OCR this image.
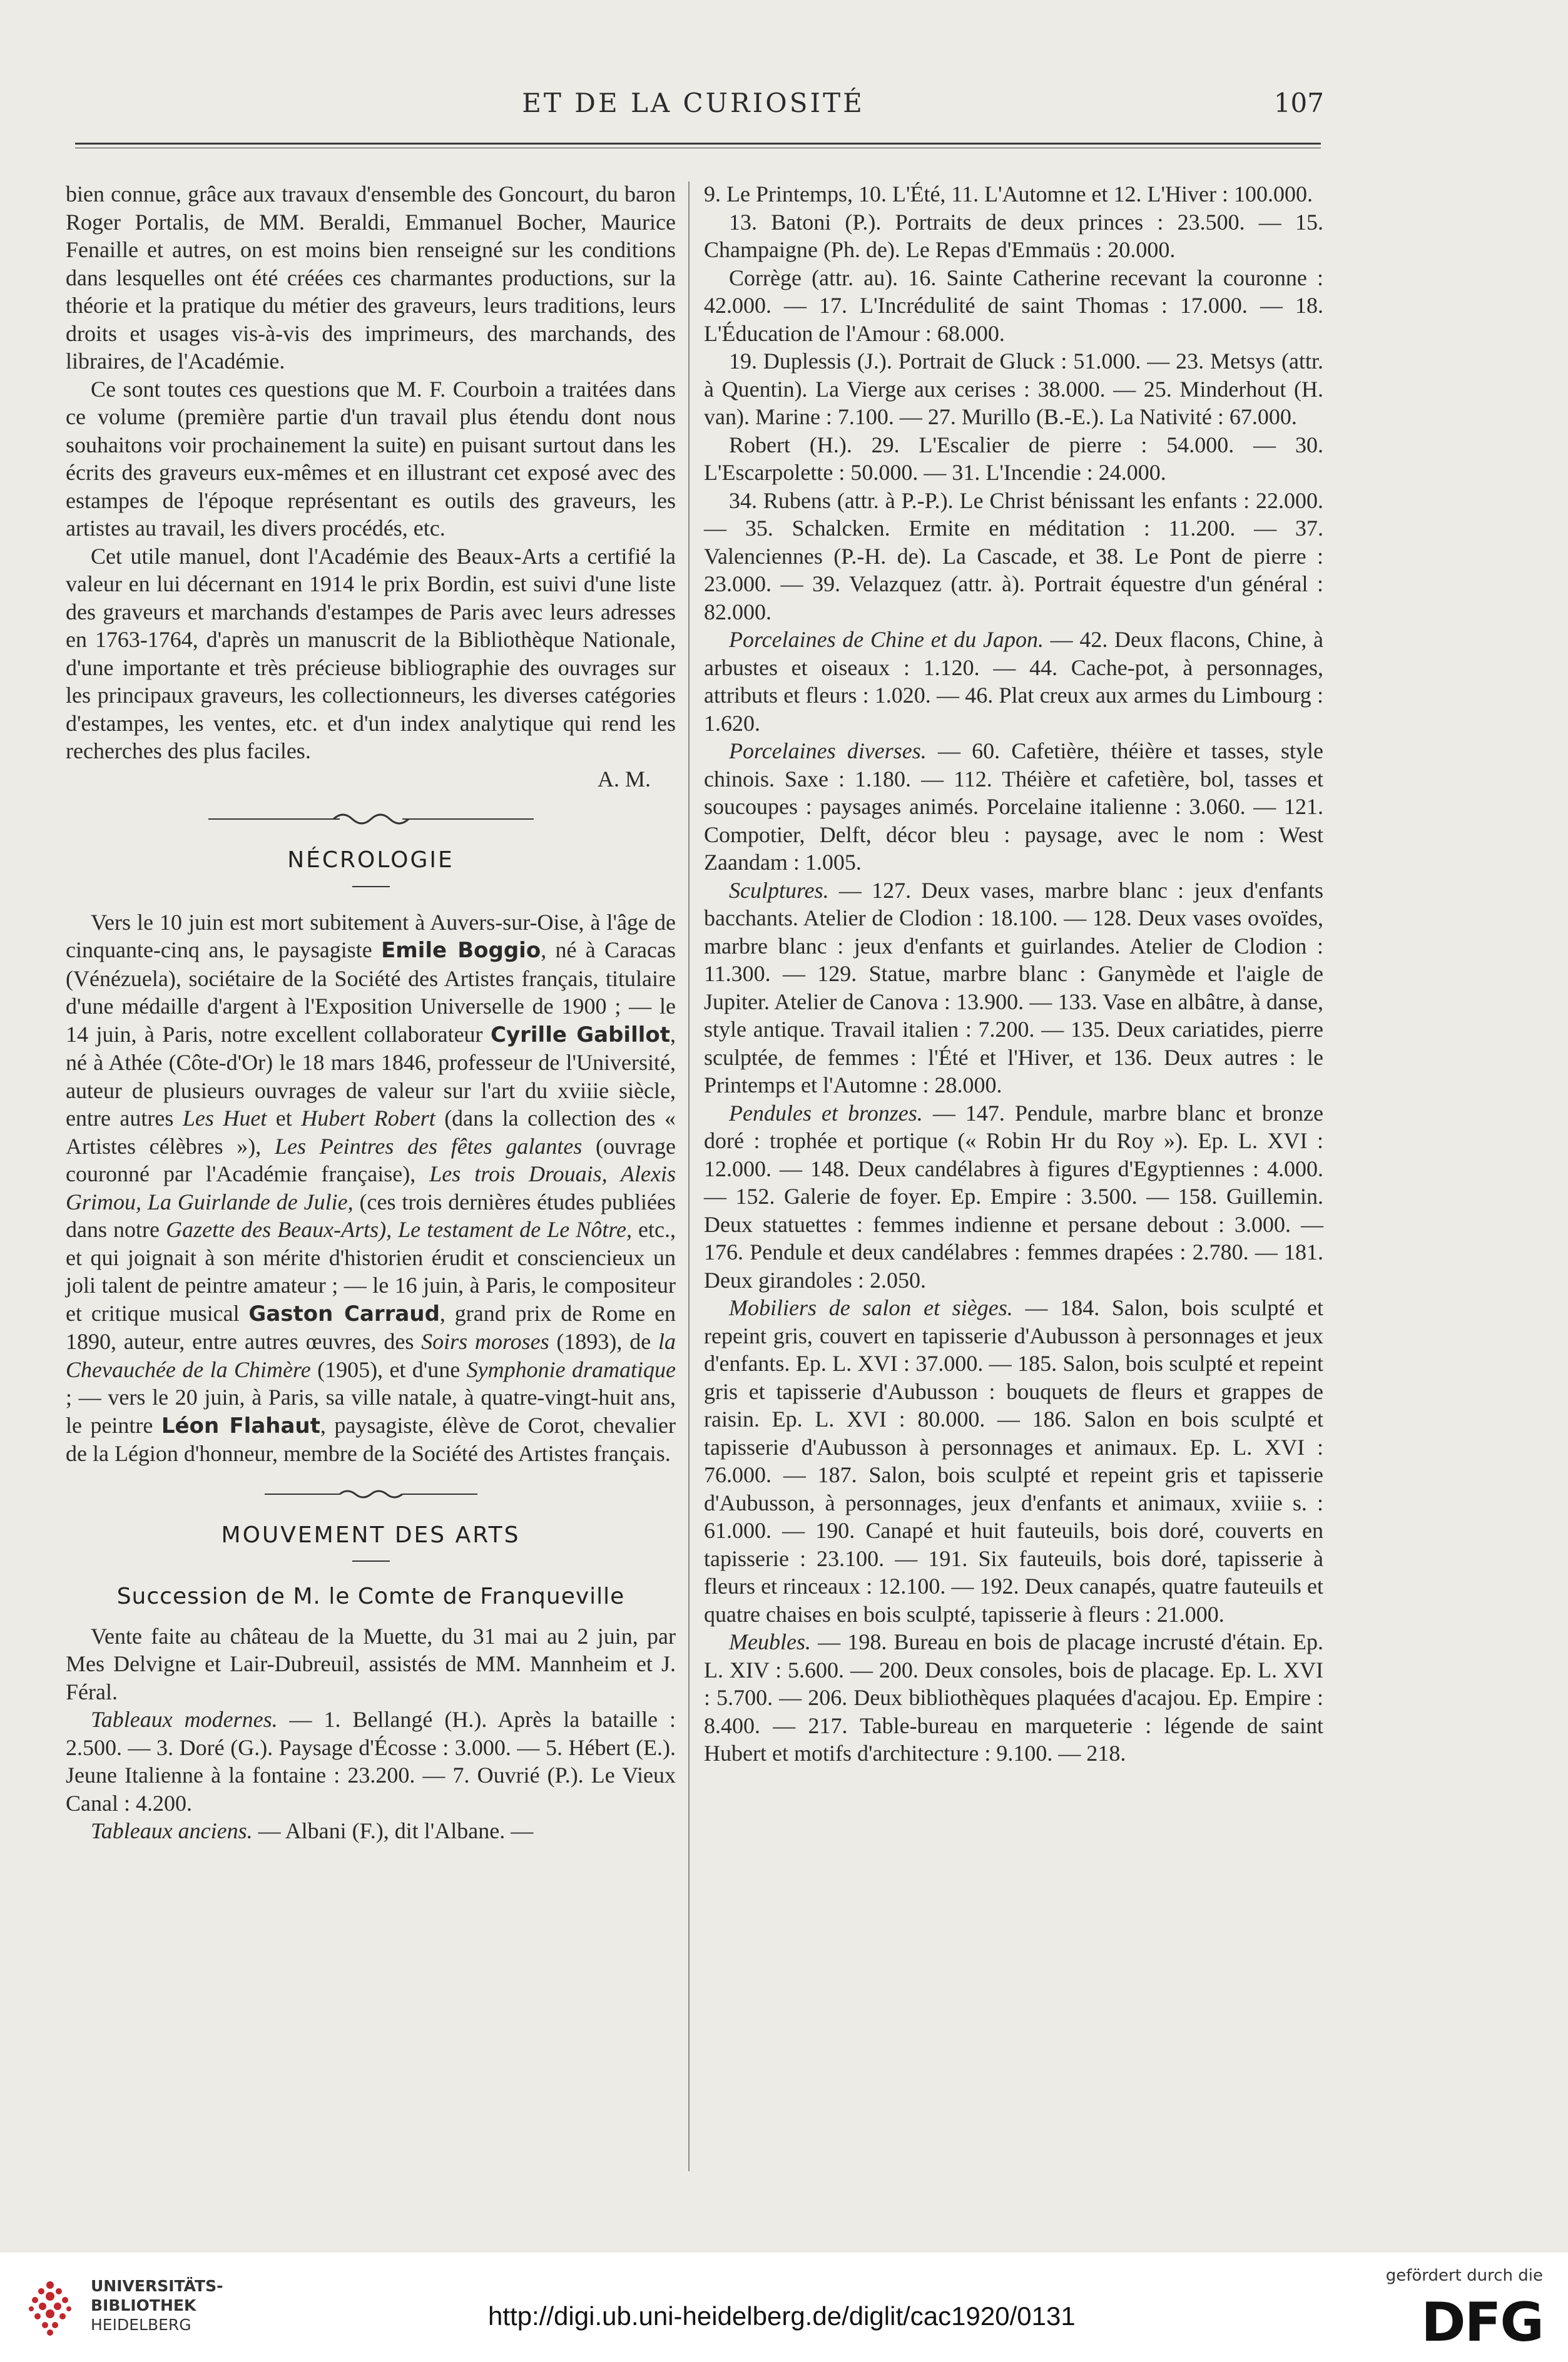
ET DE LA CURIOSITÉ	107

bien connue, grâce aux travaux d'ensemble des Goncourt, du baron Roger Portalis, de MM. Beraldi, Emmanuel Bocher, Maurice Fenaille et autres, on est moins bien renseigné sur les conditions dans lesquelles ont été créées ces charmantes productions, sur la théorie et la pratique du métier des graveurs, leurs traditions, leurs droits et usages vis-à-vis des imprimeurs, des marchands, des libraires, de l'Académie.

Ce sont toutes ces questions que M. F. Courboin a traitées dans ce volume (première partie d'un travail plus étendu dont nous souhaitons voir prochainement la suite) en puisant surtout dans les écrits des graveurs eux-mêmes et en illustrant cet exposé avec des estampes de l'époque représentant es outils des graveurs, les artistes au travail, les divers procédés, etc.

Cet utile manuel, dont l'Académie des Beaux-Arts a certifié la valeur en lui décernant en 1914 le prix Bordin, est suivi d'une liste des graveurs et marchands d'estampes de Paris avec leurs adresses en 1763-1764, d'après un manuscrit de la Bibliothèque Nationale, d'une importante et très précieuse bibliographie des ouvrages sur les principaux graveurs, les collectionneurs, les diverses catégories d'estampes, les ventes, etc. et d'un index analytique qui rend les recherches des plus faciles.

A. M.
NÉCROLOGIE

Vers le 10 juin est mort subitement à Auvers-sur-Oise, à l'âge de cinquante-cinq ans, le paysagiste Emile Boggio, né à Caracas (Vénézuela), sociétaire de la Société des Artistes français, titulaire d'une médaille d'argent à l'Exposition Universelle de 1900 ; — le 14 juin, à Paris, notre excellent collaborateur Cyrille Gabillot, né à Athée (Côte-d'Or) le 18 mars 1846, professeur de l'Université, auteur de plusieurs ouvrages de valeur sur l'art du xviiie siècle, entre autres Les Huet et Hubert Robert (dans la collection des « Artistes célèbres »), Les Peintres des fêtes galantes (ouvrage couronné par l'Académie française), Les trois Drouais, Alexis Grimou, La Guirlande de Julie, (ces trois dernières études publiées dans notre Gazette des Beaux-Arts), Le testament de Le Nôtre, etc., et qui joignait à son mérite d'historien érudit et consciencieux un joli talent de peintre amateur ; — le 16 juin, à Paris, le compositeur et critique musical Gaston Carraud, grand prix de Rome en 1890, auteur, entre autres œuvres, des Soirs moroses (1893), de la Chevauchée de la Chimère (1905), et d'une Symphonie dramatique ; — vers le 20 juin, à Paris, sa ville natale, à quatre-vingt-huit ans, le peintre Léon Flahaut, paysagiste, élève de Corot, chevalier de la Légion d'honneur, membre de la Société des Artistes français.

MOUVEMENT DES ARTS
Succession de M. le Comte de Franqueville

Vente faite au château de la Muette, du 31 mai au 2 juin, par Mes Delvigne et Lair-Dubreuil, assistés de MM. Mannheim et J. Féral.

Tableaux modernes. — 1. Bellangé (H.). Après la bataille : 2.500. — 3. Doré (G.). Paysage d'Écosse : 3.000. — 5. Hébert (E.). Jeune Italienne à la fontaine : 23.200. — 7. Ouvrié (P.). Le Vieux Canal : 4.200.

Tableaux anciens. — Albani (F.), dit l'Albane. —

9. Le Printemps, 10. L'Été, 11. L'Automne et 12. L'Hiver : 100.000.

13. Batoni (P.). Portraits de deux princes : 23.500. — 15. Champaigne (Ph. de). Le Repas d'Emmaüs : 20.000.

Corrège (attr. au). 16. Sainte Catherine recevant la couronne : 42.000. — 17. L'Incrédulité de saint Thomas : 17.000. — 18. L'Éducation de l'Amour : 68.000.

19. Duplessis (J.). Portrait de Gluck : 51.000. — 23. Metsys (attr. à Quentin). La Vierge aux cerises : 38.000. — 25. Minderhout (H. van). Marine : 7.100. — 27. Murillo (B.-E.). La Nativité : 67.000.

Robert (H.). 29. L'Escalier de pierre : 54.000. — 30. L'Escarpolette : 50.000. — 31. L'Incendie : 24.000.

34. Rubens (attr. à P.-P.). Le Christ bénissant les enfants : 22.000. — 35. Schalcken. Ermite en méditation : 11.200. — 37. Valenciennes (P.-H. de). La Cascade, et 38. Le Pont de pierre : 23.000. — 39. Velazquez (attr. à). Portrait équestre d'un général : 82.000.

Porcelaines de Chine et du Japon. — 42. Deux flacons, Chine, à arbustes et oiseaux : 1.120. — 44. Cache-pot, à personnages, attributs et fleurs : 1.020. — 46. Plat creux aux armes du Limbourg : 1.620.

Porcelaines diverses. — 60. Cafetière, théière et tasses, style chinois. Saxe : 1.180. — 112. Théière et cafetière, bol, tasses et soucoupes : paysages animés. Porcelaine italienne : 3.060. — 121. Compotier, Delft, décor bleu : paysage, avec le nom : West Zaandam : 1.005.

Sculptures. — 127. Deux vases, marbre blanc : jeux d'enfants bacchants. Atelier de Clodion : 18.100. — 128. Deux vases ovoïdes, marbre blanc : jeux d'enfants et guirlandes. Atelier de Clodion : 11.300. — 129. Statue, marbre blanc : Ganymède et l'aigle de Jupiter. Atelier de Canova : 13.900. — 133. Vase en albâtre, à danse, style antique. Travail italien : 7.200. — 135. Deux cariatides, pierre sculptée, de femmes : l'Été et l'Hiver, et 136. Deux autres : le Printemps et l'Automne : 28.000.

Pendules et bronzes. — 147. Pendule, marbre blanc et bronze doré : trophée et portique (« Robin Hr du Roy »). Ep. L. XVI : 12.000. — 148. Deux candélabres à figures d'Egyptiennes : 4.000. — 152. Galerie de foyer. Ep. Empire : 3.500. — 158. Guillemin. Deux statuettes : femmes indienne et persane debout : 3.000. — 176. Pendule et deux candélabres : femmes drapées : 2.780. — 181. Deux girandoles : 2.050.

Mobiliers de salon et sièges. — 184. Salon, bois sculpté et repeint gris, couvert en tapisserie d'Aubusson à personnages et jeux d'enfants. Ep. L. XVI : 37.000. — 185. Salon, bois sculpté et repeint gris et tapisserie d'Aubusson : bouquets de fleurs et grappes de raisin. Ep. L. XVI : 80.000. — 186. Salon en bois sculpté et tapisserie d'Aubusson à personnages et animaux. Ep. L. XVI : 76.000. — 187. Salon, bois sculpté et repeint gris et tapisserie d'Aubusson, à personnages, jeux d'enfants et animaux, xviiie s. : 61.000. — 190. Canapé et huit fauteuils, bois doré, couverts en tapisserie : 23.100. — 191. Six fauteuils, bois doré, tapisserie à fleurs et rinceaux : 12.100. — 192. Deux canapés, quatre fauteuils et quatre chaises en bois sculpté, tapisserie à fleurs : 21.000.

Meubles. — 198. Bureau en bois de placage incrusté d'étain. Ep. L. XIV : 5.600. — 200. Deux consoles, bois de placage. Ep. L. XVI : 5.700. — 206. Deux bibliothèques plaquées d'acajou. Ep. Empire : 8.400. — 217. Table-bureau en marqueterie : légende de saint Hubert et motifs d'architecture : 9.100. — 218.

UNIVERSITÄTS-
BIBLIOTHEK
HEIDELBERG	http://digi.ub.uni-heidelberg.de/diglit/cac1920/0131
gefördert durch die
DFG
